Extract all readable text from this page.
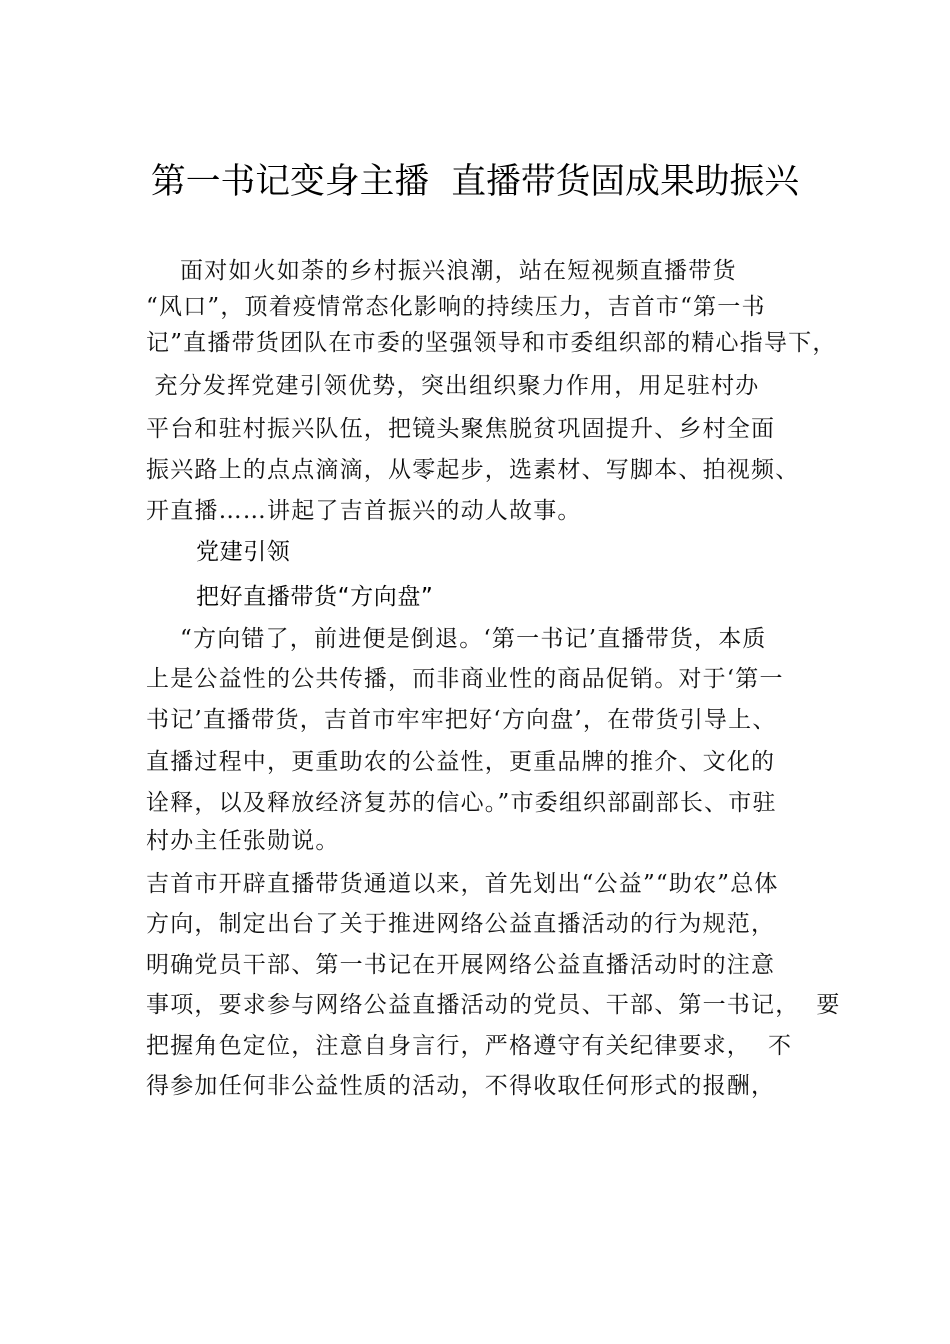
第一书记变身主播  直播带货固成果助振兴
面对如火如荼的乡村振兴浪潮，站在短视频直播带货
“风口”，顶着疫情常态化影响的持续压力，吉首市“第一书
记”直播带货团队在市委的坚强领导和市委组织部的精心指导下，
充分发挥党建引领优势，突出组织聚力作用，用足驻村办
平台和驻村振兴队伍，把镜头聚焦脱贫巩固提升、乡村全面
振兴路上的点点滴滴，从零起步，选素材、写脚本、拍视频、
开直播……讲起了吉首振兴的动人故事。
党建引领
把好直播带货“方向盘”
“方向错了，前进便是倒退。‘第一书记’直播带货，本质
上是公益性的公共传播，而非商业性的商品促销。对于‘第一
书记’直播带货，吉首市牢牢把好‘方向盘’，在带货引导上、
直播过程中，更重助农的公益性，更重品牌的推介、文化的
诠释，以及释放经济复苏的信心。”市委组织部副部长、市驻
村办主任张勋说。
吉首市开辟直播带货通道以来，首先划出“公益”“助农”总体
方向，制定出台了关于推进网络公益直播活动的行为规范，
明确党员干部、第一书记在开展网络公益直播活动时的注意
事项，要求参与网络公益直播活动的党员、干部、第一书记，  要
把握角色定位，注意自身言行，严格遵守有关纪律要求，  不
得参加任何非公益性质的活动，不得收取任何形式的报酬，
